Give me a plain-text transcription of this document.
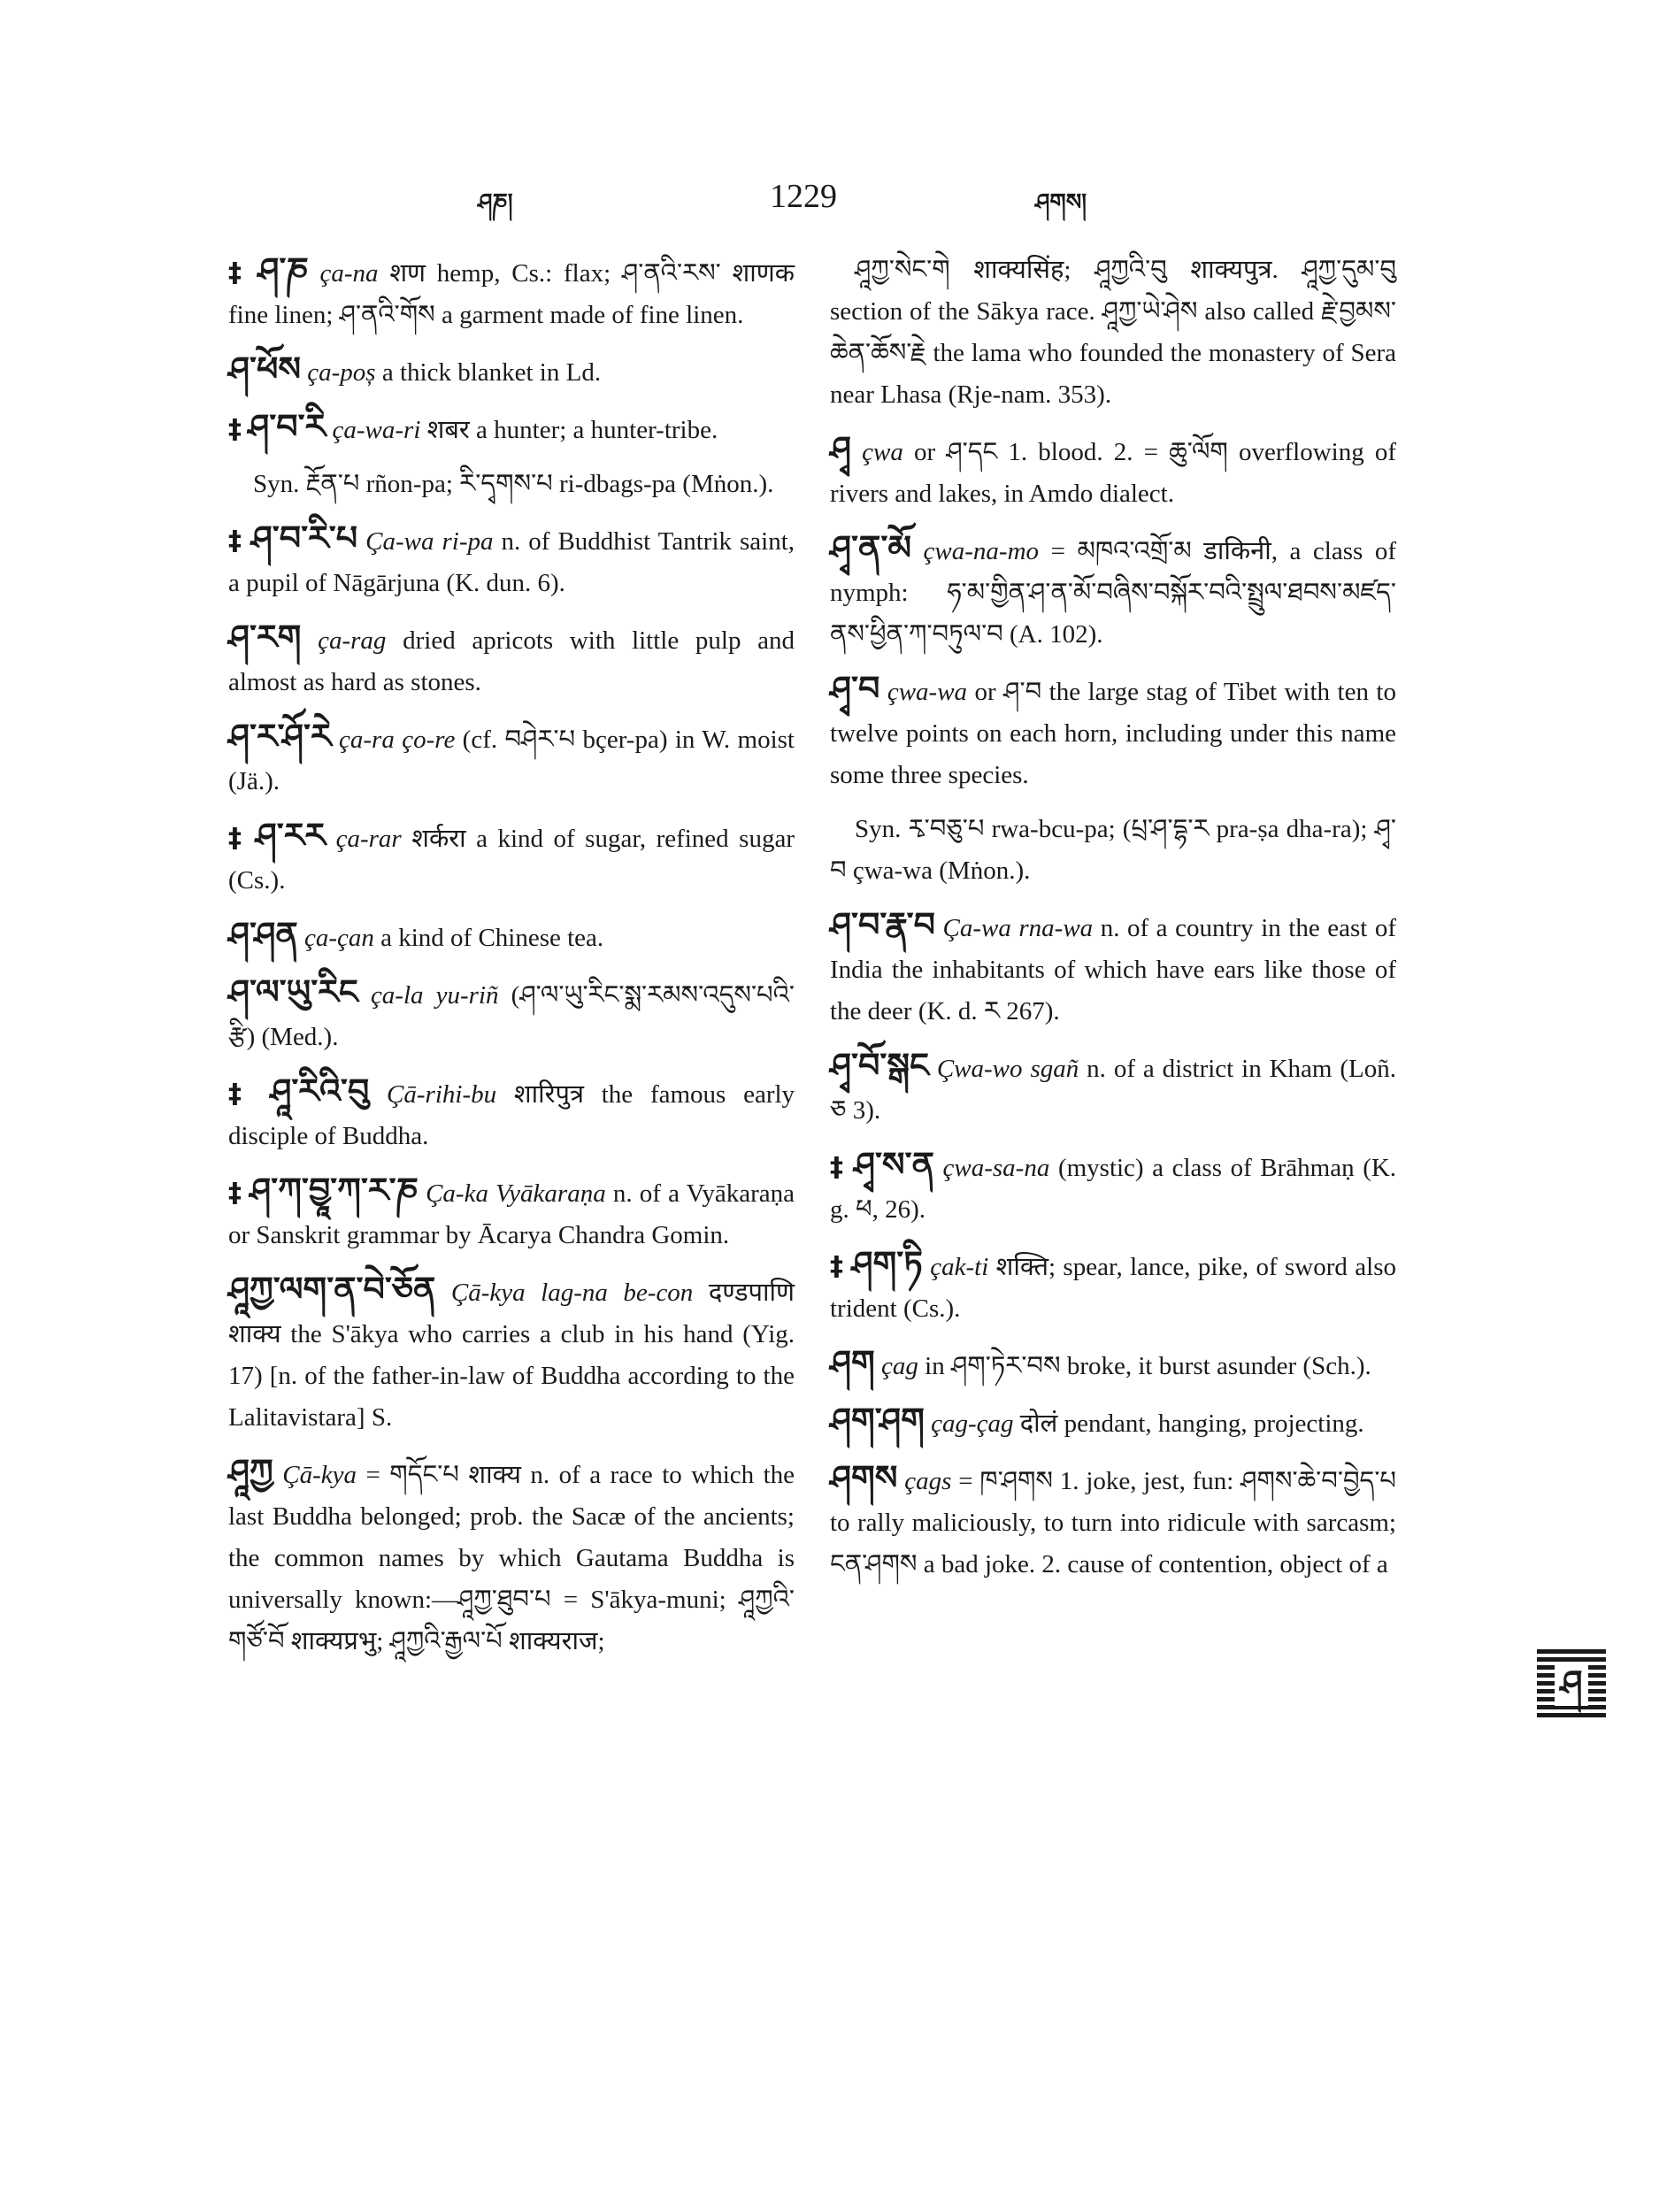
ཤཎ།	1229	ཤགས།

‡ ཤ་ཎ ça-na शण hemp, Cs.: flax; ཤ་ནའི་རས་ शाणक fine linen; ཤ་ནའི་གོས a garment made of fine linen.

ཤ་ཕོས ça-poș a thick blanket in Ld.

‡ ཤ་བ་རི ça-wa-ri शबर a hunter; a hunter-tribe.

Syn. རྔོན་པ rñon-pa; རི་དྭགས་པ ri-dbags-pa (Mṅon.).

‡ ཤ་བ་རི་པ Ça-wa ri-pa n. of Buddhist Tantrik saint, a pupil of Nāgārjuna (K. dun. 6).

ཤ་རག ça-rag dried apricots with little pulp and almost as hard as stones.

ཤ་ར་ཤོ་རེ ça-ra ço-re (cf. བཤེར་པ bçer-pa) in W. moist (Jä.).

‡ ཤ་རར ça-rar शर्करा a kind of sugar, refined sugar (Cs.).

ཤ་ཤན ça-çan a kind of Chinese tea.

ཤ་ལ་ཡུ་རིང ça-la yu-riñ (ཤ་ལ་ཡུ་རིང་སྨ་རམས་འདུས་པའི་རྩི) (Med.).

‡ ཤཱ་རིའི་བུ Çā-rihi-bu शारिपुत्र the famous early disciple of Buddha.

‡ ཤ་ཀ་བྱཱ་ཀ་ར་ཎ Ça-ka Vyākaraṇa n. of a Vyākaraṇa or Sanskrit grammar by Ācarya Chandra Gomin.

ཤཱཀྱ་ལག་ན་བེ་ཅོན Çā-kya lag-na be-con दण्डपाणि शाक्य the S'ākya who carries a club in his hand (Yig. 17) [n. of the father-in-law of Buddha according to the Lalitavistara] S.

ཤཱཀྱ Çā-kya = གདོང་པ शाक्य n. of a race to which the last Buddha belonged; prob. the Sacæ of the ancients; the common names by which Gautama Buddha is universally known:—ཤཱཀྱ་ཐུབ་པ = S'ākya-muni; ཤཱཀྱའི་གཙོ་བོ शाक्यप्रभु; ཤཱཀྱའི་རྒྱལ་པོ शाक्यराज;

ཤཱཀྱ་སེང་གེ शाक्यसिंह; ཤཱཀྱའི་བུ शाक्यपुत्र. ཤཱཀྱ་དུམ་བུ section of the Sākya race. ཤཱཀྱ་ཡེ་ཤེས also called རྗེ་བྱམས་ཆེན་ཆོས་རྗེ the lama who founded the monastery of Sera near Lhasa (Rje-nam. 353).

ཤྭ çwa or ཤ་དང 1. blood. 2. = ཆུ་ལོག overflowing of rivers and lakes, in Amdo dialect.

ཤྭ་ན་མོ çwa-na-mo = མཁའ་འགྲོ་མ डाकिनी, a class of nymph: ཧ་མ་གྱིན་ཤ་ན་མོ་བཞིས་བསྐོར་བའི་སྤྲུལ་ཐབས་མཛད་ནས་ཕྱིན་ཀ་བཏུལ་བ (A. 102).

ཤྭ་བ çwa-wa or ཤ་བ the large stag of Tibet with ten to twelve points on each horn, including under this name some three species.

Syn. རྭ་བཅུ་པ rwa-bcu-pa; (པྲ་ཤ་དྷ་ར pra-ṣa dha-ra); ཤྭ་བ çwa-wa (Mṅon.).

ཤ་བ་རྣ་བ Ça-wa rna-wa n. of a country in the east of India the inhabitants of which have ears like those of the deer (K. d. ར 267).

ཤྭ་བོ་སྒང Çwa-wo sgañ n. of a district in Kham (Loñ. ཅ 3).

‡ ཤྭ་ས་ན çwa-sa-na (mystic) a class of Brāhmaṇ (K. g. ཕ, 26).

‡ ཤག་ཏི çak-ti शक्ति; spear, lance, pike, of sword also trident (Cs.).

ཤག çag in ཤག་ཏེར་བས broke, it burst asunder (Sch.).

ཤག་ཤག çag-çag दोलं pendant, hanging, projecting.

ཤགས çags = ཁ་ཤགས 1. joke, jest, fun: ཤགས་ཆེ་བ་བྱེད་པ to rally maliciously, to turn into ridicule with sarcasm; ངན་ཤགས a bad joke. 2. cause of contention, object of a

ཤ
